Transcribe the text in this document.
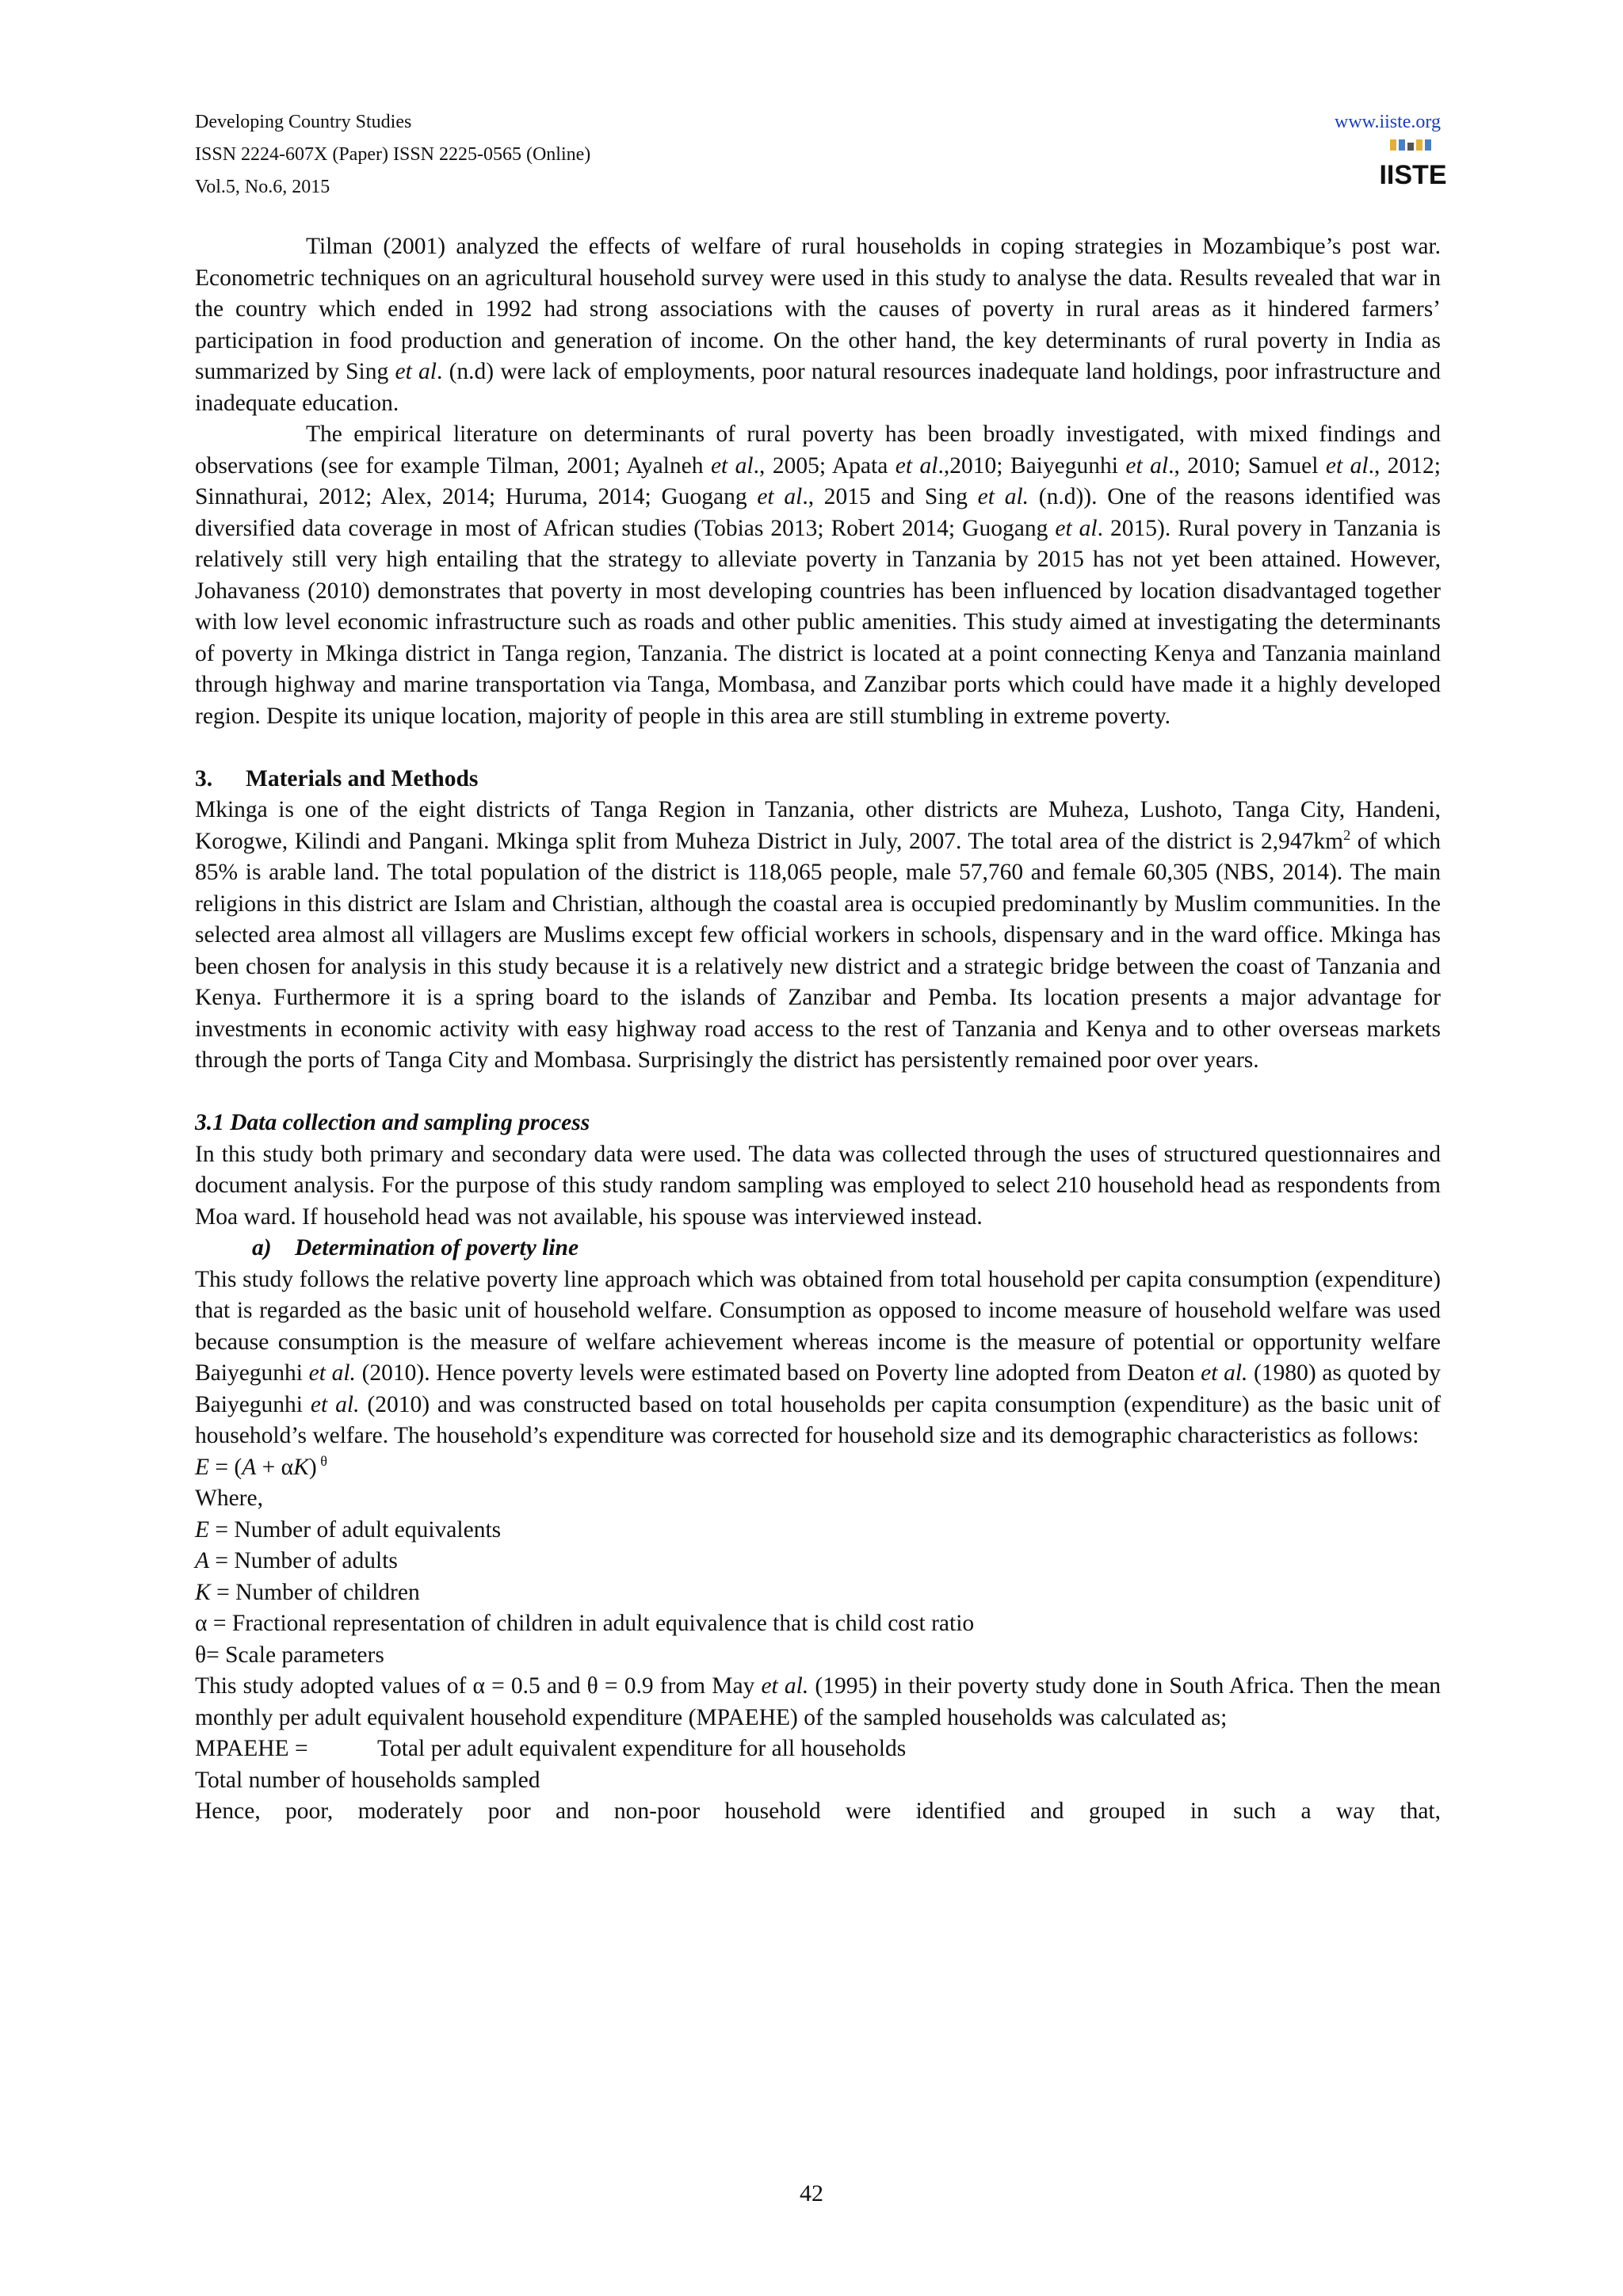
Developing Country Studies
ISSN 2224-607X (Paper) ISSN 2225-0565 (Online)
Vol.5, No.6, 2015
www.iiste.org
IISTE

Tilman (2001) analyzed the effects of welfare of rural households in coping strategies in Mozambique’s post war. Econometric techniques on an agricultural household survey were used in this study to analyse the data. Results revealed that war in the country which ended in 1992 had strong associations with the causes of poverty in rural areas as it hindered farmers’ participation in food production and generation of income. On the other hand, the key determinants of rural poverty in India as summarized by Sing et al. (n.d) were lack of employments, poor natural resources inadequate land holdings, poor infrastructure and inadequate education.

The empirical literature on determinants of rural poverty has been broadly investigated, with mixed findings and observations (see for example Tilman, 2001; Ayalneh et al., 2005; Apata et al.,2010; Baiyegunhi et al., 2010; Samuel et al., 2012; Sinnathurai, 2012; Alex, 2014; Huruma, 2014; Guogang et al., 2015 and Sing et al. (n.d)). One of the reasons identified was diversified data coverage in most of African studies (Tobias 2013; Robert 2014; Guogang et al. 2015). Rural povery in Tanzania is relatively still very high entailing that the strategy to alleviate poverty in Tanzania by 2015 has not yet been attained. However, Johavaness (2010) demonstrates that poverty in most developing countries has been influenced by location disadvantaged together with low level economic infrastructure such as roads and other public amenities. This study aimed at investigating the determinants of poverty in Mkinga district in Tanga region, Tanzania. The district is located at a point connecting Kenya and Tanzania mainland through highway and marine transportation via Tanga, Mombasa, and Zanzibar ports which could have made it a highly developed region. Despite its unique location, majority of people in this area are still stumbling in extreme poverty.

3. Materials and Methods

Mkinga is one of the eight districts of Tanga Region in Tanzania, other districts are Muheza, Lushoto, Tanga City, Handeni, Korogwe, Kilindi and Pangani. Mkinga split from Muheza District in July, 2007. The total area of the district is $2,947km^2$ of which 85% is arable land. The total population of the district is 118,065 people, male 57,760 and female 60,305 (NBS, 2014). The main religions in this district are Islam and Christian, although the coastal area is occupied predominantly by Muslim communities. In the selected area almost all villagers are Muslims except few official workers in schools, dispensary and in the ward office. Mkinga has been chosen for analysis in this study because it is a relatively new district and a strategic bridge between the coast of Tanzania and Kenya. Furthermore it is a spring board to the islands of Zanzibar and Pemba. Its location presents a major advantage for investments in economic activity with easy highway road access to the rest of Tanzania and Kenya and to other overseas markets through the ports of Tanga City and Mombasa. Surprisingly the district has persistently remained poor over years.

3.1 Data collection and sampling process

In this study both primary and secondary data were used. The data was collected through the uses of structured questionnaires and document analysis. For the purpose of this study random sampling was employed to select 210 household head as respondents from Moa ward. If household head was not available, his spouse was interviewed instead.

a) Determination of poverty line

This study follows the relative poverty line approach which was obtained from total household per capita consumption (expenditure) that is regarded as the basic unit of household welfare. Consumption as opposed to income measure of household welfare was used because consumption is the measure of welfare achievement whereas income is the measure of potential or opportunity welfare Baiyegunhi et al. (2010). Hence poverty levels were estimated based on Poverty line adopted from Deaton et al. (1980) as quoted by Baiyegunhi et al. (2010) and was constructed based on total households per capita consumption (expenditure) as the basic unit of household’s welfare. The household’s expenditure was corrected for household size and its demographic characteristics as follows:

E = (A + αK) $^\theta$

Where,

E = Number of adult equivalents

A = Number of adults

K = Number of children

α = Fractional representation of children in adult equivalence that is child cost ratio

θ= Scale parameters

This study adopted values of α = 0.5 and θ = 0.9 from May et al. (1995) in their poverty study done in South Africa. Then the mean monthly per adult equivalent household expenditure (MPAEHE) of the sampled households was calculated as;

MPAEHE =	Total per adult equivalent expenditure for all households

Total number of households sampled

Hence, poor, moderately poor and non-poor household were identified and grouped in such a way that,

42
